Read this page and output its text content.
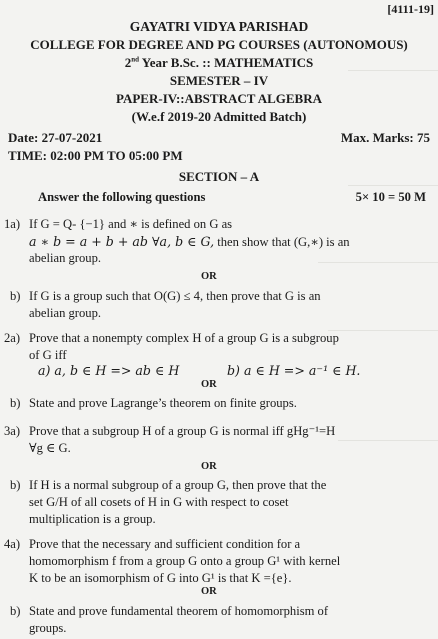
[4111-19]
GAYATRI VIDYA PARISHAD
COLLEGE FOR DEGREE AND PG COURSES (AUTONOMOUS)
2nd Year B.Sc. :: MATHEMATICS
SEMESTER – IV
PAPER-IV::ABSTRACT ALGEBRA
(W.e.f 2019-20 Admitted Batch)
Date: 27-07-2021	Max. Marks: 75
TIME: 02:00 PM TO 05:00 PM
SECTION – A
Answer the following questions	5× 10 = 50 M
1a) If G = Q- {−1} and ∗ is defined on G as
a ∗ b = a + b + ab ∀a, b ∈ G, then show that (G,∗) is an
abelian group.
OR
b) If G is a group such that O(G) ≤ 4, then prove that G is an
abelian group.
2a) Prove that a nonempty complex H of a group G is a subgroup
of G iff
a) a, b ∈ H => ab ∈ H	b) a ∈ H => a⁻¹ ∈ H.
OR
b) State and prove Lagrange’s theorem on finite groups.
3a) Prove that a subgroup H of a group G is normal iff gHg⁻¹=H
∀g ∈ G.
OR
b) If H is a normal subgroup of a group G, then prove that the
set G/H of all cosets of H in G with respect to coset
multiplication is a group.
4a) Prove that the necessary and sufficient condition for a
homomorphism f from a group G onto a group G¹ with kernel
K to be an isomorphism of G into G¹ is that K ={e}.
OR
b) State and prove fundamental theorem of homomorphism of
groups.
